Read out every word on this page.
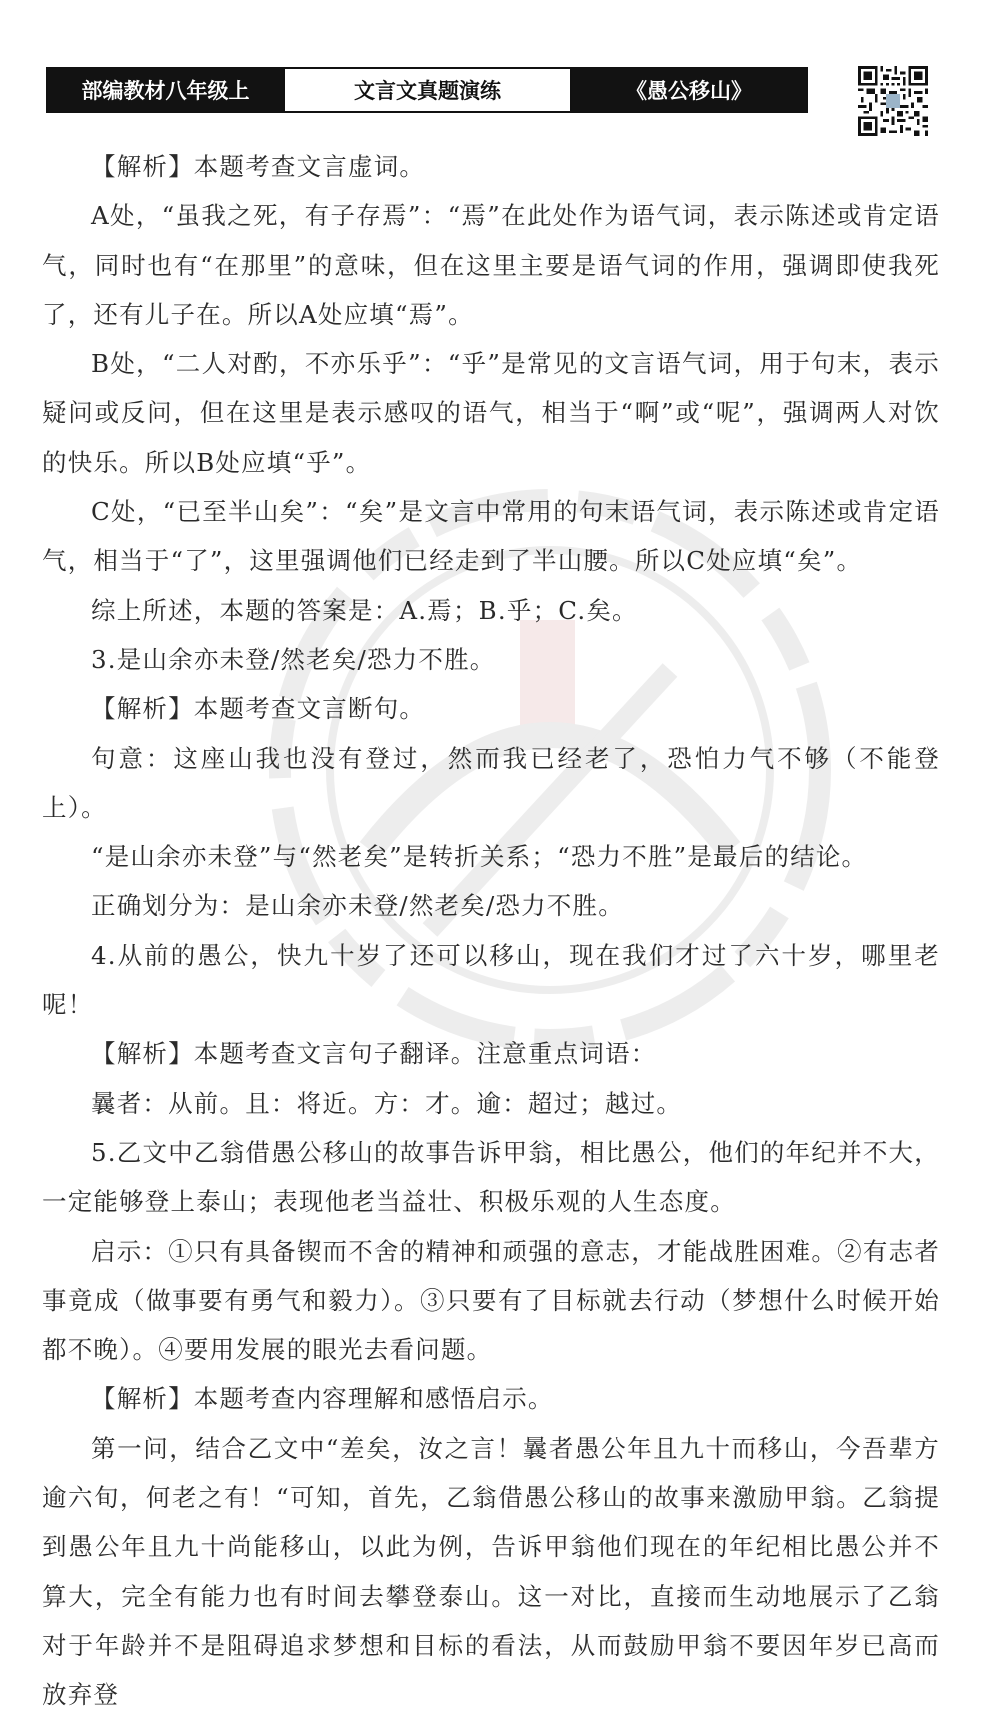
部编教材八年级上	文言文真题演练	《愚公移山》

【解析】本题考查文言虚词。

A处，“虽我之死，有子存焉”：“焉”在此处作为语气词，表示陈述或肯定语气，同时也有“在那里”的意味，但在这里主要是语气词的作用，强调即使我死了，还有儿子在。所以A处应填“焉”。

B处，“二人对酌，不亦乐乎”：“乎”是常见的文言语气词，用于句末，表示疑问或反问，但在这里是表示感叹的语气，相当于“啊”或“呢”，强调两人对饮的快乐。所以B处应填“乎”。

C处，“已至半山矣”：“矣”是文言中常用的句末语气词，表示陈述或肯定语气，相当于“了”，这里强调他们已经走到了半山腰。所以C处应填“矣”。

综上所述，本题的答案是：A.焉；B.乎；C.矣。

3.是山余亦未登/然老矣/恐力不胜。

【解析】本题考查文言断句。

句意：这座山我也没有登过，然而我已经老了，恐怕力气不够（不能登上）。

“是山余亦未登”与“然老矣”是转折关系；“恐力不胜”是最后的结论。

正确划分为：是山余亦未登/然老矣/恐力不胜。

4.从前的愚公，快九十岁了还可以移山，现在我们才过了六十岁，哪里老呢！

【解析】本题考查文言句子翻译。注意重点词语：

曩者：从前。且：将近。方：才。逾：超过；越过。

5.乙文中乙翁借愚公移山的故事告诉甲翁，相比愚公，他们的年纪并不大，一定能够登上泰山；表现他老当益壮、积极乐观的人生态度。

启示：①只有具备锲而不舍的精神和顽强的意志，才能战胜困难。②有志者事竟成（做事要有勇气和毅力）。③只要有了目标就去行动（梦想什么时候开始都不晚）。④要用发展的眼光去看问题。

【解析】本题考查内容理解和感悟启示。

第一问，结合乙文中“差矣，汝之言！曩者愚公年且九十而移山，今吾辈方逾六旬，何老之有！“可知，首先，乙翁借愚公移山的故事来激励甲翁。乙翁提到愚公年且九十尚能移山，以此为例，告诉甲翁他们现在的年纪相比愚公并不算大，完全有能力也有时间去攀登泰山。这一对比，直接而生动地展示了乙翁对于年龄并不是阻碍追求梦想和目标的看法，从而鼓励甲翁不要因年岁已高而放弃登
